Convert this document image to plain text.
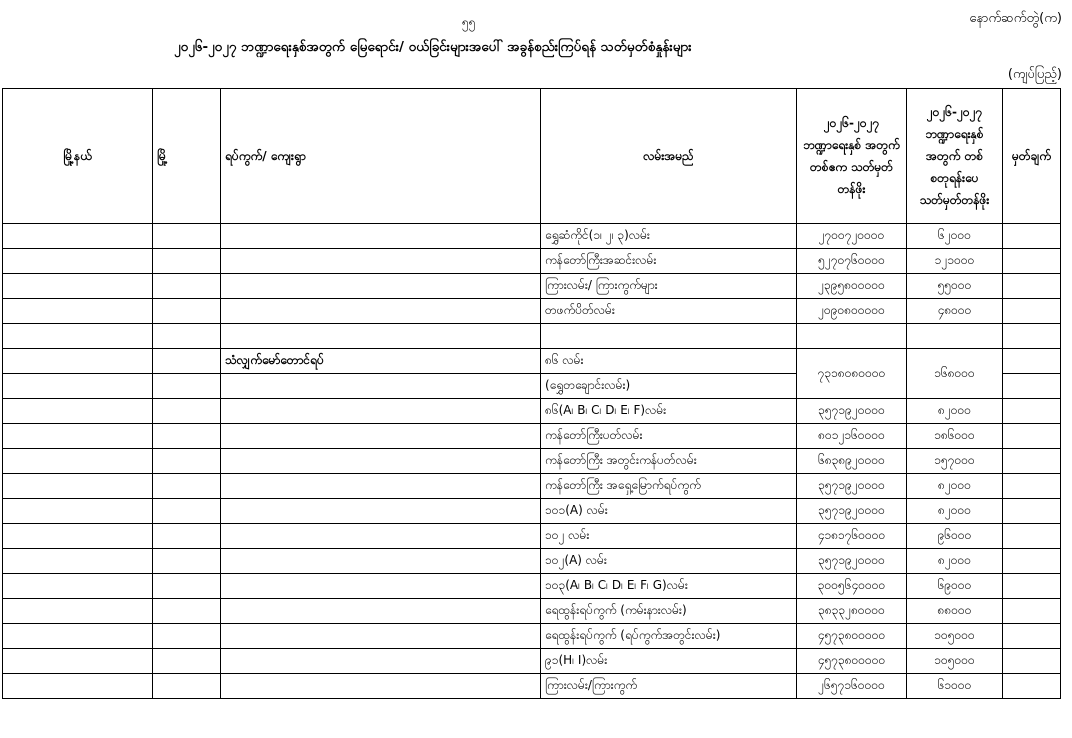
၅၅	နောက်ဆက်တွဲ(က)
၂၀၂၆-၂၀၂၇ ဘဏ္ဍာရေးနှစ်အတွက် မြေရောင်း/ ဝယ်ခြင်းများအပေါ် အခွန်စည်းကြပ်ရန် သတ်မှတ်စံနှုန်းများ
(ကျပ်ပြည့်)
မြို့နယ်	မြို့	ရပ်ကွက်/ ကျေးရွာ	လမ်းအမည်	၂၀၂၆-၂၀၂၇ ဘဏ္ဍာရေးနှစ် အတွက် တစ်ဧက သတ်မှတ်တန်ဖိုး	၂၀၂၆-၂၀၂၇ ဘဏ္ဍာရေးနှစ် အတွက် တစ်စတုရန်းပေ သတ်မှတ်တန်ဖိုး	မှတ်ချက်
			ရွှေဆံကိုင်(၁၊ ၂၊ ၃)လမ်း	၂၇၀၀၇၂၀၀၀၀	၆၂၀၀၀	
			ကန်တော်ကြီးအဆင်းလမ်း	၅၂၇၀၇၆၀၀၀၀	၁၂၁၀၀၀	
			ကြားလမ်း/ ကြားကွက်များ	၂၃၉၅၈၀၀၀၀၀	၅၅၀၀၀	
			တဖက်ပိတ်လမ်း	၂၀၉၀၈၀၀၀၀၀	၄၈၀၀၀	

		သံလျှက်မော်တောင်ရပ်	၈၆ လမ်း	၇၃၁၈၀၈၀၀၀၀	၁၆၈၀၀၀	
			(ရွှေတချောင်းလမ်း)			
			၈၆(A၊ B၊ C၊ D၊ E၊ F)လမ်း	၃၅၇၁၉၂၀၀၀၀	၈၂၀၀၀	
			ကန်တော်ကြီးပတ်လမ်း	၈၀၁၂၁၆၀၀၀၀	၁၈၆၀၀၀	
			ကန်တော်ကြီး အတွင်းကန်ပတ်လမ်း	၆၈၃၈၉၂၀၀၀၀	၁၅၇၀၀၀	
			ကန်တော်ကြီး အရှေ့မြောက်ရပ်ကွက်	၃၅၇၁၉၂၀၀၀၀	၈၂၀၀၀	
			၁၀၁(A) လမ်း	၃၅၇၁၉၂၀၀၀၀	၈၂၀၀၀	
			၁၀၂ လမ်း	၄၁၈၁၇၆၀၀၀၀	၉၆၀၀၀	
			၁၀၂(A) လမ်း	၃၅၇၁၉၂၀၀၀၀	၈၂၀၀၀	
			၁၀၃(A၊ B၊ C၊ D၊ E၊ F၊ G)လမ်း	၃၀၀၅၆၄၀၀၀၀	၆၉၀၀၀	
			ရေထွန်းရပ်ကွက် (ကမ်းနားလမ်း)	၃၈၃၃၂၈၀၀၀၀	၈၈၀၀၀	
			ရေထွန်းရပ်ကွက် (ရပ်ကွက်အတွင်းလမ်း)	၄၅၇၃၈၀၀၀၀၀	၁၀၅၀၀၀	
			၉၁(H၊ I)လမ်း	၄၅၇၃၈၀၀၀၀၀	၁၀၅၀၀၀	
			ကြားလမ်း/ကြားကွက်	၂၆၅၇၁၆၀၀၀၀	၆၁၀၀၀	
